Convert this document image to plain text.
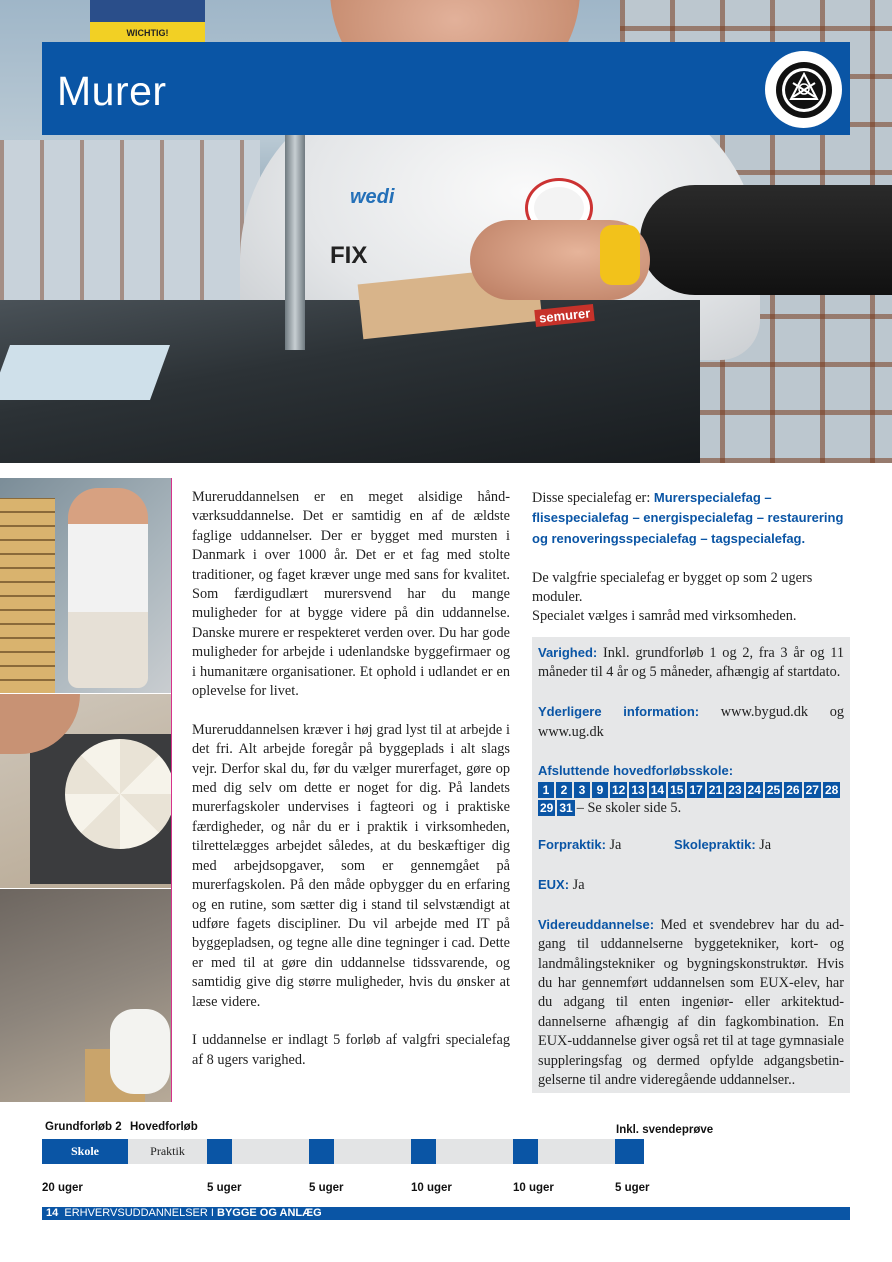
WICHTIG!
wedi
FIX
semurer
Murer

Mureruddannelsen er en meget alsidige håndværksuddannelse. Det er samtidig en af de ældste faglige uddannelser. Der er bygget med mursten i Danmark i over 1000 år. Det er et fag med stolte traditioner, og faget kræver unge med sans for kvalitet. Som færdigudlært murersvend har du mange muligheder for at bygge videre på din uddannelse. Danske murere er respekteret verden over. Du har gode muligheder for arbejde i udenlandske byggefirmaer og i humanitære organisationer. Et ophold i udlandet er en oplevelse for livet.

Mureruddannelsen kræver i høj grad lyst til at arbejde i det fri. Alt arbejde foregår på byggeplads i alt slags vejr. Derfor skal du, før du vælger murerfaget, gøre op med dig selv om dette er noget for dig. På landets murerfagskoler undervises i fagteori og i praktiske færdigheder, og når du er i praktik i virksomheden, tilrettelægges arbejdet således, at du beskæftiger dig med arbejdsopgaver, som er gennemgået på murerfagskolen. På den måde opbygger du en erfaring og en rutine, som sætter dig i stand til selvstændigt at udføre fagets discipliner. Du vil arbejde med IT på byggepladsen, og tegne alle dine tegninger i cad. Dette er med til at gøre din uddannelse tidssvarende, og samtidig give dig større muligheder, hvis du ønsker at læse videre.

I uddannelse er indlagt 5 forløb af valgfri specialefag af 8 ugers varighed.

Disse specialefag er: Murerspecialefag – flisespecialefag – energispecialefag – restaurering og renoveringsspecialefag – tagspecialefag.

De valgfrie specialefag er bygget op som 2 ugers moduler.
Specialet vælges i samråd med virksomheden.
Varighed: Inkl. grundforløb 1 og 2, fra 3 år og 11 måneder til 4 år og 5 måneder, afhængig af startdato.
Yderligere information: www.bygud.dk og www.ug.dk
Afsluttende hovedforløbsskole:
1 2 3 9 12 13 14 15 17 21 23 24 25 26 27 28
29 31 – Se skoler side 5.
Forpraktik: Ja	Skolepraktik: Ja
EUX: Ja
Videreuddannelse: Med et svendebrev har du adgang til uddannelserne byggetekniker, kort- og landmålingstekniker og bygningskonstruktør. Hvis du har gennemført uddannelsen som EUX-elev, har du adgang til enten ingeniør- eller arkitektuddannelserne afhængig af din fagkombination. En EUX-uddannelse giver også ret til at tage gymnasiale suppleringsfag og dermed opfylde adgangsbetingelserne til andre videregående uddannelser..
Grundforløb 2 Hovedforløb	Inkl. svendeprøve
Skole	Praktik
20 uger	5 uger	5 uger	10 uger	10 uger	5 uger
14 ERHVERVSUDDANNELSER I BYGGE OG ANLÆG
